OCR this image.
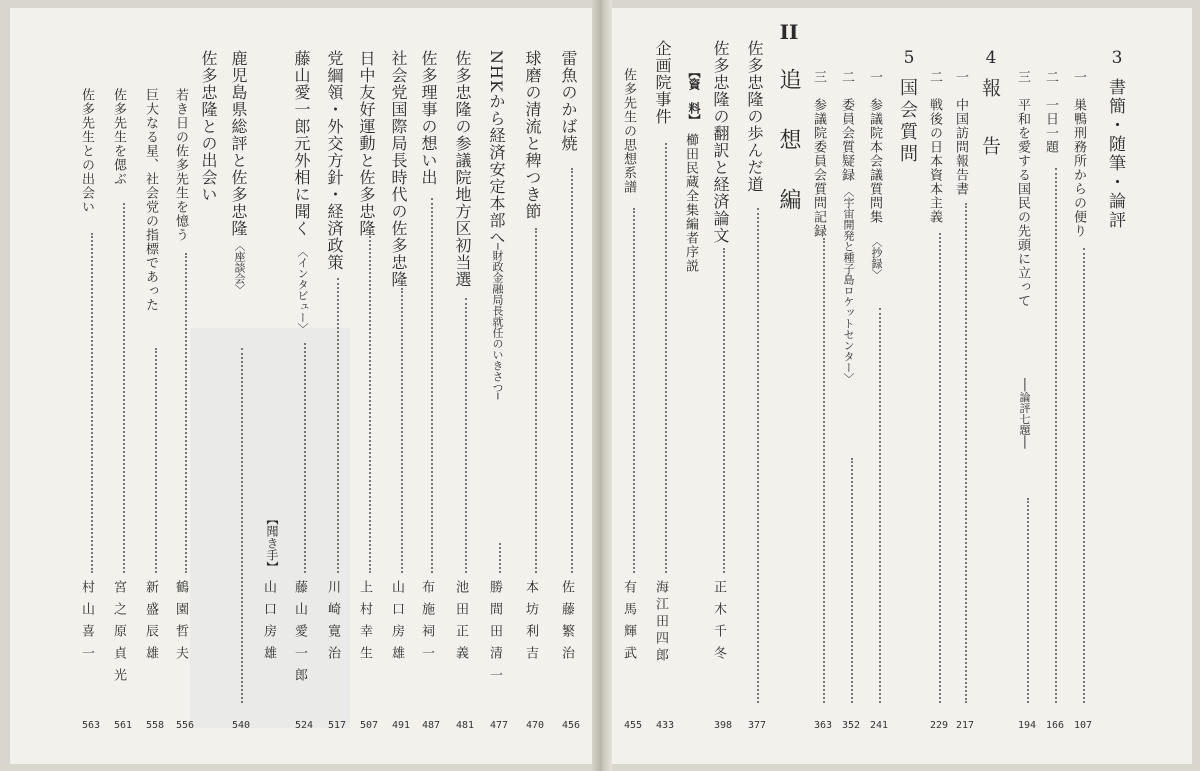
雷魚のかば焼
佐藤繁治
456
球磨の清流と稗つき節
本坊利吉
470
NHKから経済安定本部へ
─財政金融局長就任のいきさつ─
勝間田清一
477
佐多忠隆の参議院地方区初当選
池田正義
481
佐多理事の想い出
布施祠一
487
社会党国際局長時代の佐多忠隆
山口房雄
491
日中友好運動と佐多忠隆
上村幸生
507
党綱領・外交方針・経済政策
川崎寛治
517
藤山愛一郎元外相に聞く
〈インタビュー〉
藤山愛一郎
524
【聞き手】
山口房雄
鹿児島県総評と佐多忠隆
〈座談会〉
540
佐多忠隆との出会い
若き日の佐多先生を憶う
鶴園哲夫
556
巨大なる星、社会党の指標であった
新盛辰雄
558
佐多先生を偲ぶ
宮之原貞光
561
佐多先生との出会い
村山喜一
563
3
書簡・随筆・論評
一
巣鴨刑務所からの便り
107
二
一日一題
166
三
平和を愛する国民の先頭に立って
──論評七題──
194
4
報　告
一
中国訪問報告書
217
二
戦後の日本資本主義
229
5
国会質問
一
参議院本会議質問集
〈抄録〉
241
二
委員会質疑録
〈宇宙開発と種子島ロケットセンター〉
352
三
参議院委員会質問記録
363
II
追　想　編
佐多忠隆の歩んだ道
377
佐多忠隆の翻訳と経済論文
正木千冬
398
【資　料】
櫛田民蔵全集編者序説
企画院事件
海江田四郎
433
佐多先生の思想系譜
有馬輝武
455
